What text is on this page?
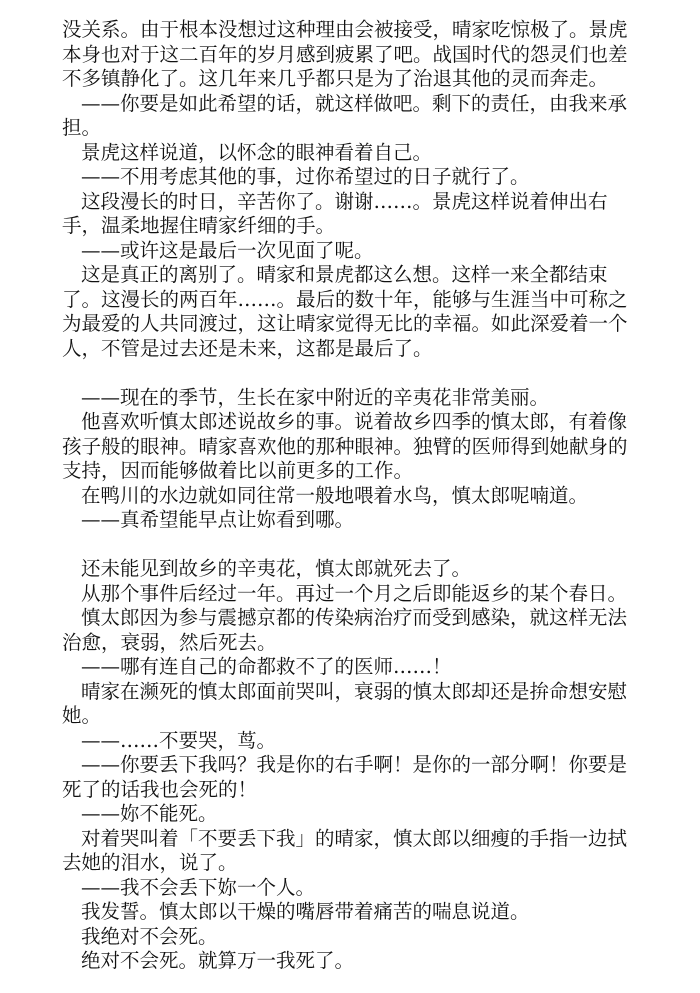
没关系。由于根本没想过这种理由会被接受，晴家吃惊极了。景虎本身也对于这二百年的岁月感到疲累了吧。战国时代的怨灵们也差不多镇静化了。这几年来几乎都只是为了治退其他的灵而奔走。

——你要是如此希望的话，就这样做吧。剩下的责任，由我来承担。

景虎这样说道，以怀念的眼神看着自己。

——不用考虑其他的事，过你希望过的日子就行了。

这段漫长的时日，辛苦你了。谢谢……。景虎这样说着伸出右手，温柔地握住晴家纤细的手。

——或许这是最后一次见面了呢。

这是真正的离别了。晴家和景虎都这么想。这样一来全都结束了。这漫长的两百年……。最后的数十年，能够与生涯当中可称之为最爱的人共同渡过，这让晴家觉得无比的幸福。如此深爱着一个人，不管是过去还是未来，这都是最后了。

——现在的季节，生长在家中附近的辛夷花非常美丽。

他喜欢听慎太郎述说故乡的事。说着故乡四季的慎太郎，有着像孩子般的眼神。晴家喜欢他的那种眼神。独臂的医师得到她献身的支持，因而能够做着比以前更多的工作。

在鸭川的水边就如同往常一般地喂着水鸟，慎太郎呢喃道。

——真希望能早点让妳看到哪。

还未能见到故乡的辛夷花，慎太郎就死去了。

从那个事件后经过一年。再过一个月之后即能返乡的某个春日。

慎太郎因为参与震撼京都的传染病治疗而受到感染，就这样无法治愈，衰弱，然后死去。

——哪有连自己的命都救不了的医师……！

晴家在濒死的慎太郎面前哭叫，衰弱的慎太郎却还是拚命想安慰她。

——……不要哭，茑。

——你要丢下我吗？我是你的右手啊！是你的一部分啊！你要是死了的话我也会死的！

——妳不能死。

对着哭叫着「不要丢下我」的晴家，慎太郎以细瘦的手指一边拭去她的泪水，说了。

——我不会丢下妳一个人。

我发誓。慎太郎以干燥的嘴唇带着痛苦的喘息说道。

我绝对不会死。

绝对不会死。就算万一我死了。
